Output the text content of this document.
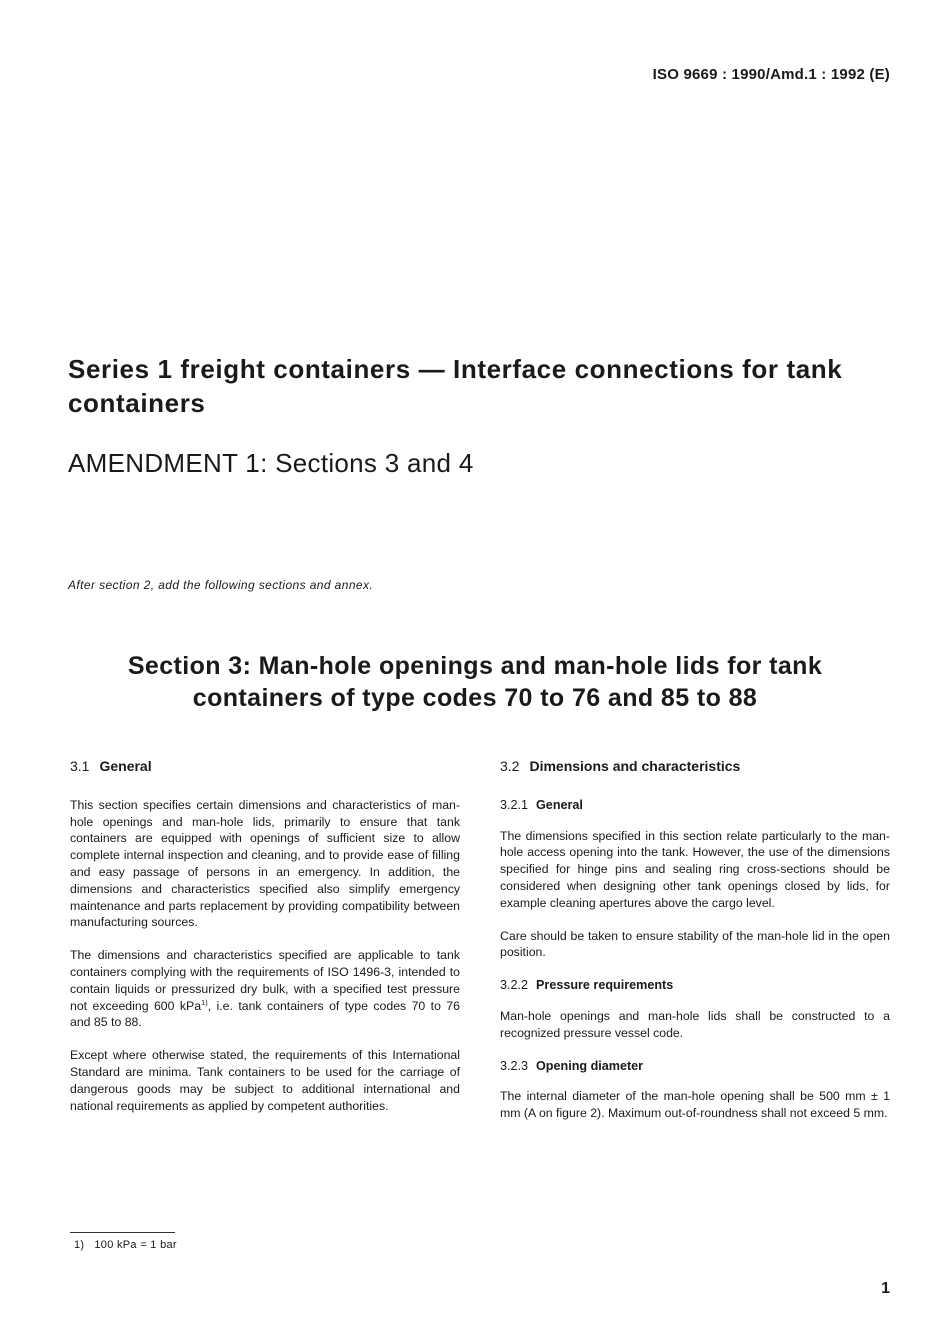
ISO 9669 : 1990/Amd.1 : 1992 (E)
Series 1 freight containers — Interface connections for tank containers
AMENDMENT 1: Sections 3 and 4
After section 2, add the following sections and annex.
Section 3: Man-hole openings and man-hole lids for tank containers of type codes 70 to 76 and 85 to 88
3.1 General

This section specifies certain dimensions and characteristics of man-hole openings and man-hole lids, primarily to ensure that tank containers are equipped with openings of sufficient size to allow complete internal inspection and cleaning, and to provide ease of filling and easy passage of persons in an emergency. In addition, the dimensions and characteristics specified also simplify emergency maintenance and parts replacement by providing compatibility between manufacturing sources.

The dimensions and characteristics specified are applicable to tank containers complying with the requirements of ISO 1496-3, intended to contain liquids or pressurized dry bulk, with a specified test pressure not exceeding 600 kPa$^{1)}$, i.e. tank containers of type codes 70 to 76 and 85 to 88.

Except where otherwise stated, the requirements of this International Standard are minima. Tank containers to be used for the carriage of dangerous goods may be subject to additional international and national requirements as applied by competent authorities.

3.2 Dimensions and characteristics
3.2.1 General

The dimensions specified in this section relate particularly to the man-hole access opening into the tank. However, the use of the dimensions specified for hinge pins and sealing ring cross-sections should be considered when designing other tank openings closed by lids, for example cleaning apertures above the cargo level.

Care should be taken to ensure stability of the man-hole lid in the open position.

3.2.2 Pressure requirements

Man-hole openings and man-hole lids shall be constructed to a recognized pressure vessel code.

3.2.3 Opening diameter

The internal diameter of the man-hole opening shall be 500 mm ± 1 mm (A on figure 2). Maximum out-of-roundness shall not exceed 5 mm.

1) 100 kPa = 1 bar
1
